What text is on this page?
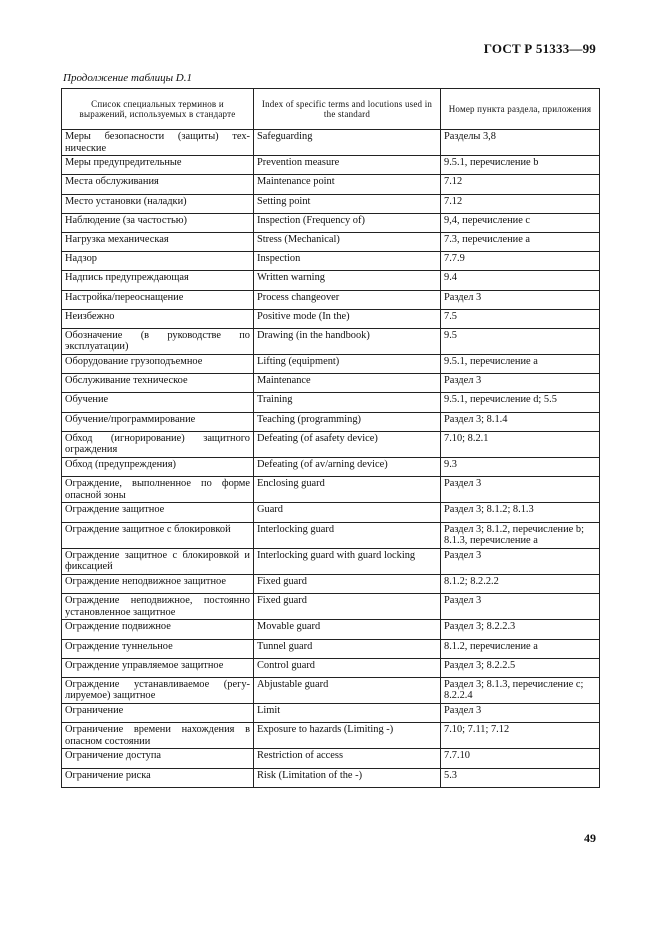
ГОСТ Р 51333—99
Продолжение таблицы D.1
Список специальных терминов и выражений, используемых в стандарте	Index of specific terms and locutions used in the standard	Номер пункта раздела, приложения
Меры безопасности (защиты) тех-нические	Safeguarding	Разделы 3,8
Меры предупредительные	Prevention measure	9.5.1, перечисление b
Места обслуживания	Maintenance point	7.12
Место установки (наладки)	Setting point	7.12
Наблюдение (за частостью)	Inspection (Frequency of)	9,4, перечисление с
Нагрузка механическая	Stress (Mechanical)	7.3, перечисление а
Надзор	Inspection	7.7.9
Надпись предупреждающая	Written warning	9.4
Настройка/переоснащение	Process changeover	Раздел 3
Неизбежно	Positive mode (In the)	7.5
Обозначение (в руководстве по эксплуатации)	Drawing (in the handbook)	9.5
Оборудование грузоподъемное	Lifting (equipment)	9.5.1, перечисление а
Обслуживание техническое	Maintenance	Раздел 3
Обучение	Training	9.5.1, перечисление d; 5.5
Обучение/программирование	Teaching (programming)	Раздел 3; 8.1.4
Обход (игнорирование) защитного ограждения	Defeating (of asafety device)	7.10; 8.2.1
Обход (предупреждения)	Defeating (of av/arning device)	9.3
Ограждение, выполненное по форме опасной зоны	Enclosing guard	Раздел 3
Ограждение защитное	Guard	Раздел 3; 8.1.2; 8.1.3
Ограждение защитное с блокировкой	Interlocking guard	Раздел 3; 8.1.2, перечисление b; 8.1.3, перечисление а
Ограждение защитное с блокировкой и фиксацией	Interlocking guard with guard locking	Раздел 3
Ограждение неподвижное защитное	Fixed guard	8.1.2; 8.2.2.2
Ограждение неподвижное, постоянно установленное защитное	Fixed guard	Раздел 3
Ограждение подвижное	Movable guard	Раздел 3; 8.2.2.3
Ограждение туннельное	Tunnel guard	8.1.2, перечисление а
Ограждение управляемое защитное	Control guard	Раздел 3; 8.2.2.5
Ограждение устанавливаемое (регу-лируемое) защитное	Abjustable guard	Раздел 3; 8.1.3, перечисление с; 8.2.2.4
Ограничение	Limit	Раздел 3
Ограничение времени нахождения в опасном состоянии	Exposure to hazards (Limiting -)	7.10; 7.11; 7.12
Ограничение доступа	Restriction of access	7.7.10
Ограничение риска	Risk (Limitation of the -)	5.3
49
